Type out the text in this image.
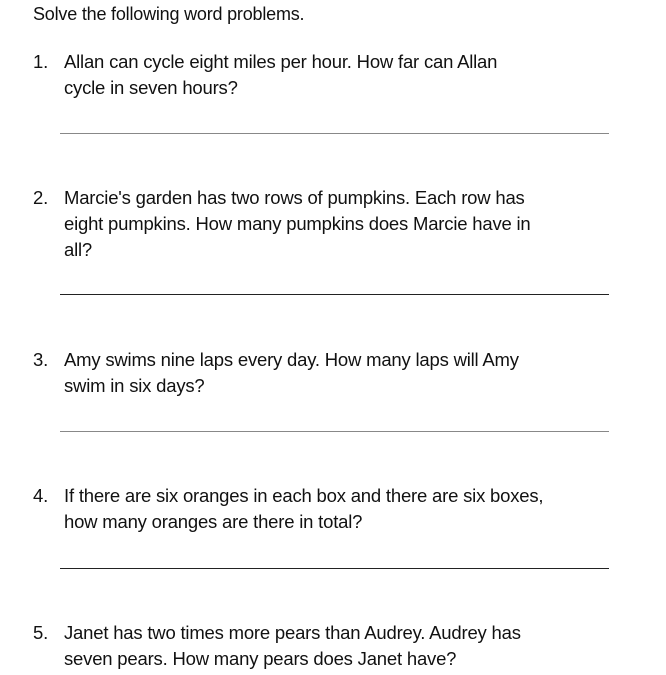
Solve the following word problems.
1. Allan can cycle eight miles per hour. How far can Allan
cycle in seven hours?
2. Marcie's garden has two rows of pumpkins. Each row has
eight pumpkins. How many pumpkins does Marcie have in
all?
3. Amy swims nine laps every day. How many laps will Amy
swim in six days?
4. If there are six oranges in each box and there are six boxes,
how many oranges are there in total?
5. Janet has two times more pears than Audrey. Audrey has
seven pears. How many pears does Janet have?
